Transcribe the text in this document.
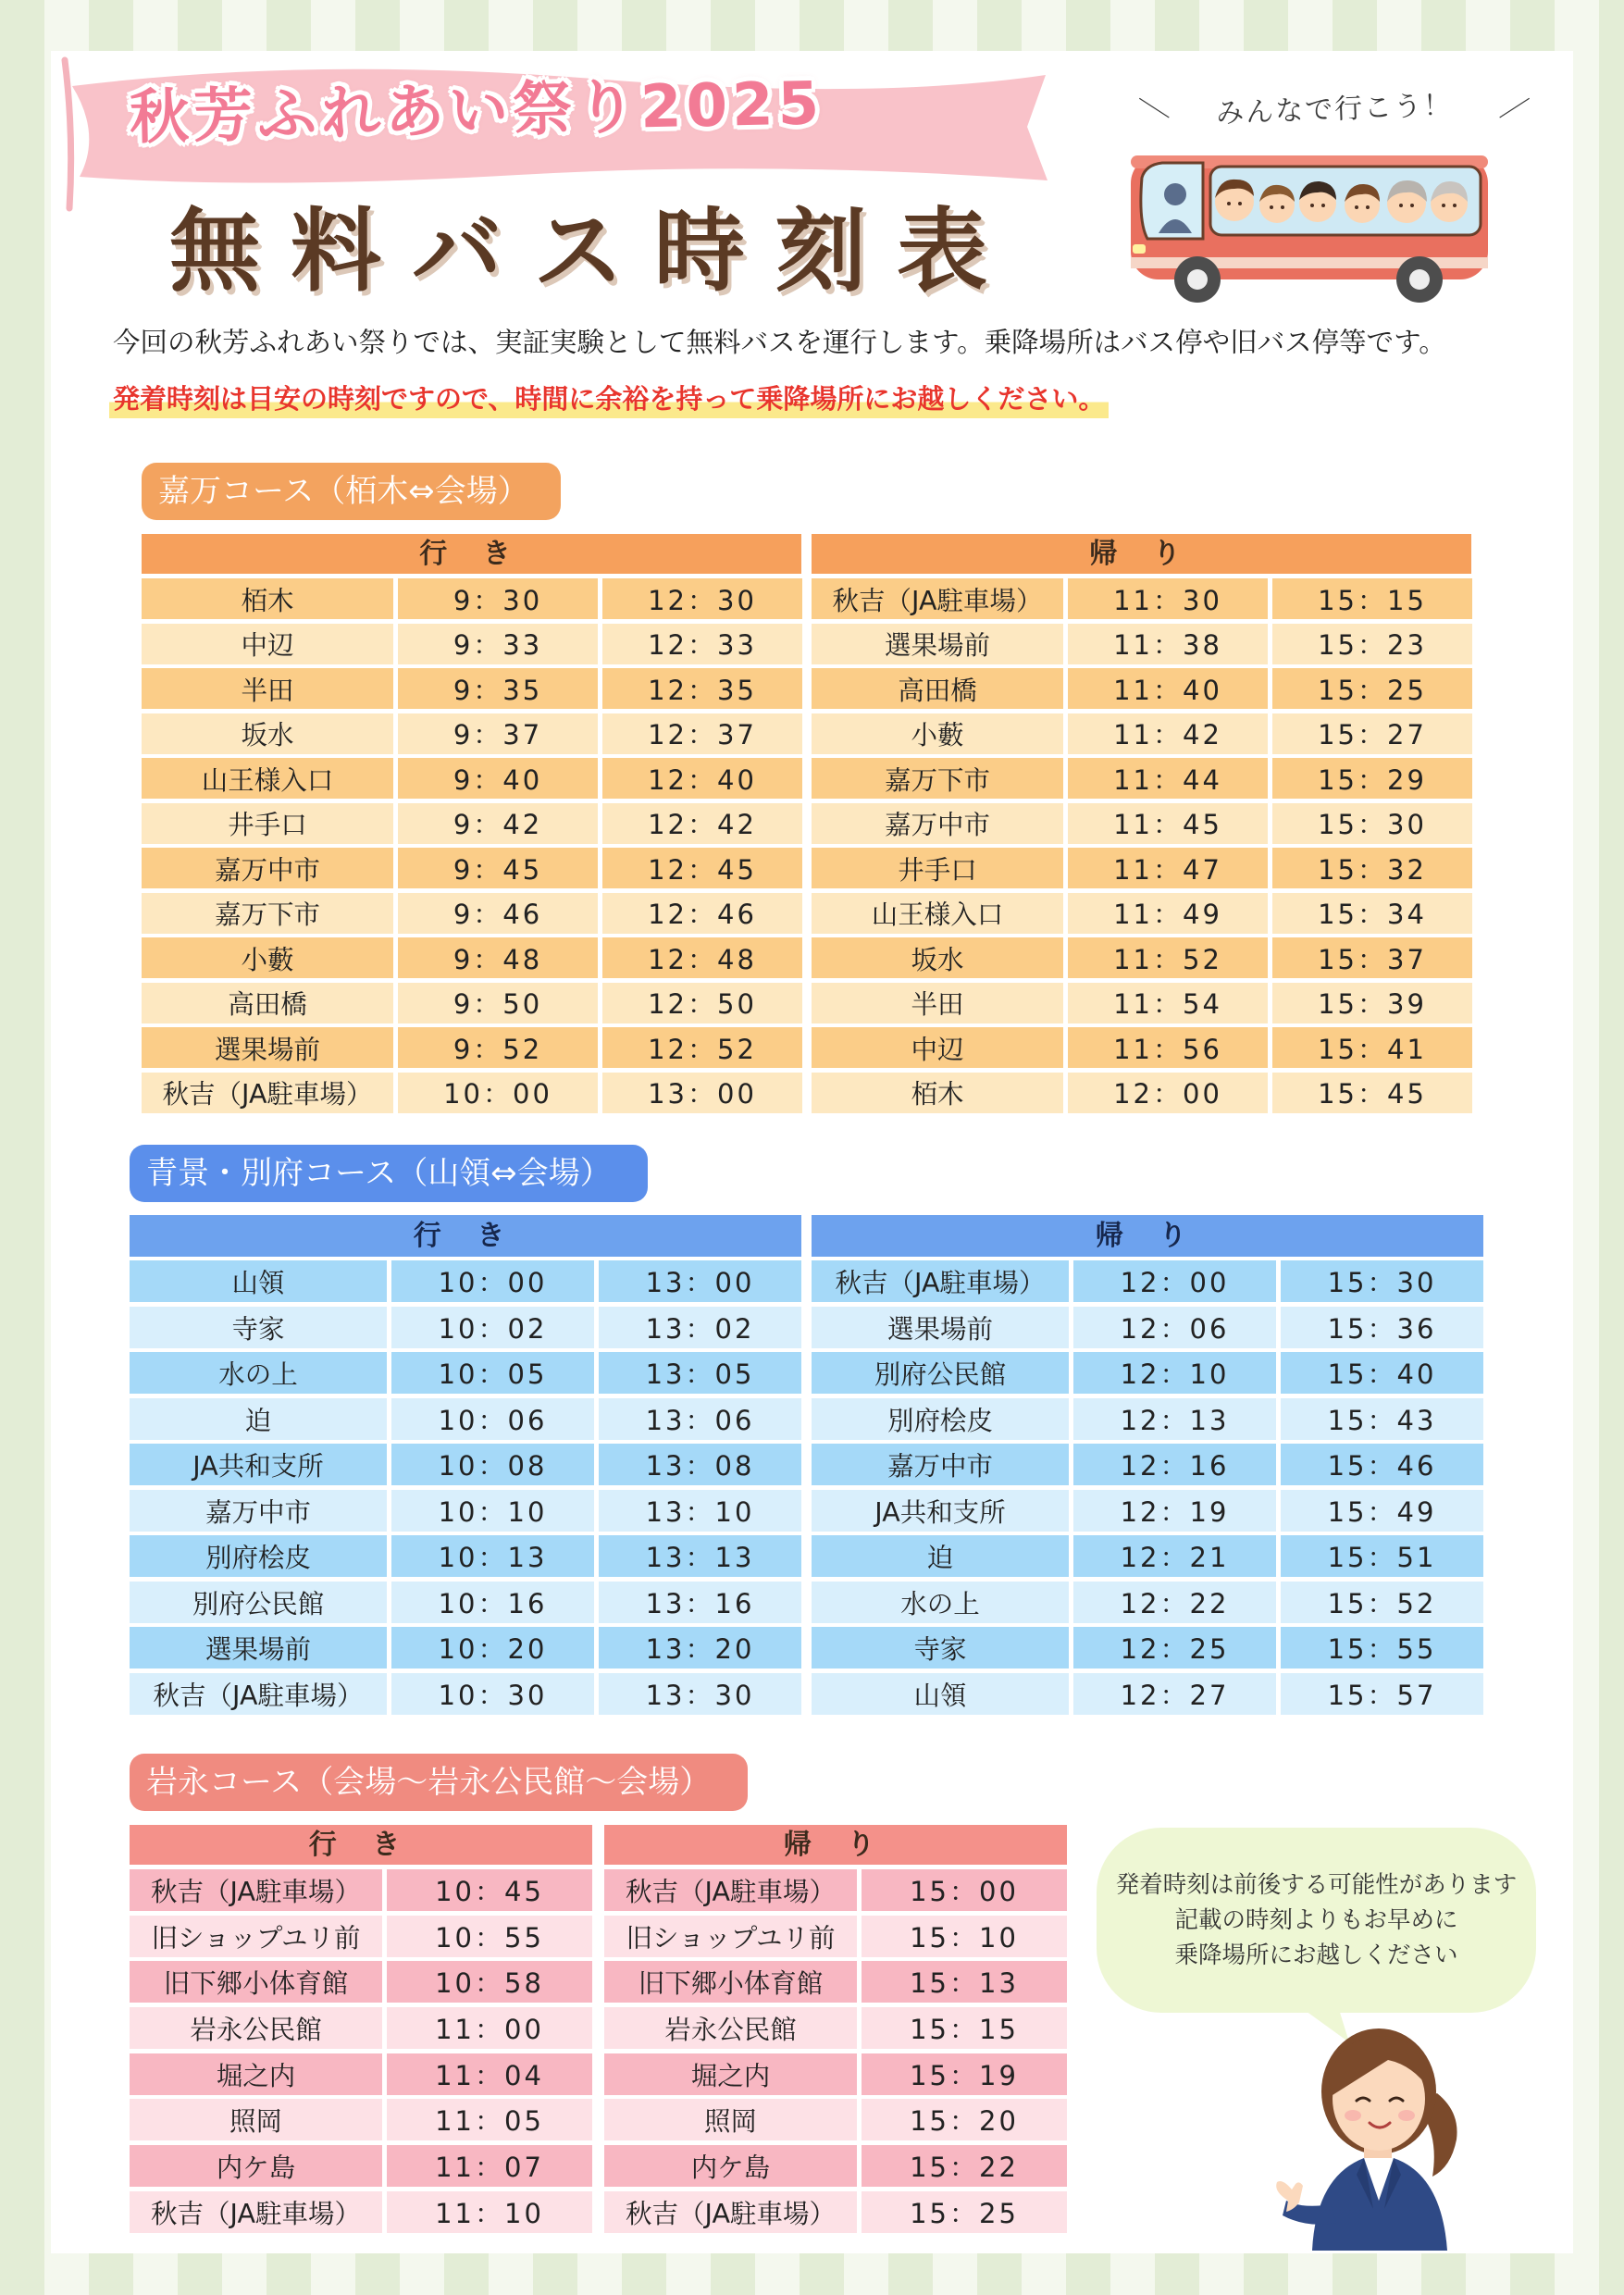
秋芳ふれあい祭り2025
無料バス時刻表
＼ みんなで行こう！ ／
今回の秋芳ふれあい祭りでは、実証実験として無料バスを運行します。乗降場所はバス停や旧バス停等です。
発着時刻は目安の時刻ですので、時間に余裕を持って乗降場所にお越しください。
嘉万コース（栢木⇔会場）
行 き
栢木	9：30	12：30
中辺	9：33	12：33
半田	9：35	12：35
坂水	9：37	12：37
山王様入口	9：40	12：40
井手口	9：42	12：42
嘉万中市	9：45	12：45
嘉万下市	9：46	12：46
小藪	9：48	12：48
高田橋	9：50	12：50
選果場前	9：52	12：52
秋吉（JA駐車場）	10：00	13：00
帰 り
秋吉（JA駐車場）	11：30	15：15
選果場前	11：38	15：23
高田橋	11：40	15：25
小藪	11：42	15：27
嘉万下市	11：44	15：29
嘉万中市	11：45	15：30
井手口	11：47	15：32
山王様入口	11：49	15：34
坂水	11：52	15：37
半田	11：54	15：39
中辺	11：56	15：41
栢木	12：00	15：45
青景・別府コース（山領⇔会場）
行 き
山領	10：00	13：00
寺家	10：02	13：02
水の上	10：05	13：05
迫	10：06	13：06
JA共和支所	10：08	13：08
嘉万中市	10：10	13：10
別府桧皮	10：13	13：13
別府公民館	10：16	13：16
選果場前	10：20	13：20
秋吉（JA駐車場）	10：30	13：30
帰 り
秋吉（JA駐車場）	12：00	15：30
選果場前	12：06	15：36
別府公民館	12：10	15：40
別府桧皮	12：13	15：43
嘉万中市	12：16	15：46
JA共和支所	12：19	15：49
迫	12：21	15：51
水の上	12：22	15：52
寺家	12：25	15：55
山領	12：27	15：57
岩永コース（会場～岩永公民館～会場）
行 き
秋吉（JA駐車場）	10：45
旧ショップユリ前	10：55
旧下郷小体育館	10：58
岩永公民館	11：00
堀之内	11：04
照岡	11：05
内ケ島	11：07
秋吉（JA駐車場）	11：10
帰 り
秋吉（JA駐車場）	15：00
旧ショップユリ前	15：10
旧下郷小体育館	15：13
岩永公民館	15：15
堀之内	15：19
照岡	15：20
内ケ島	15：22
秋吉（JA駐車場）	15：25
発着時刻は前後する可能性があります
記載の時刻よりもお早めに
乗降場所にお越しください
